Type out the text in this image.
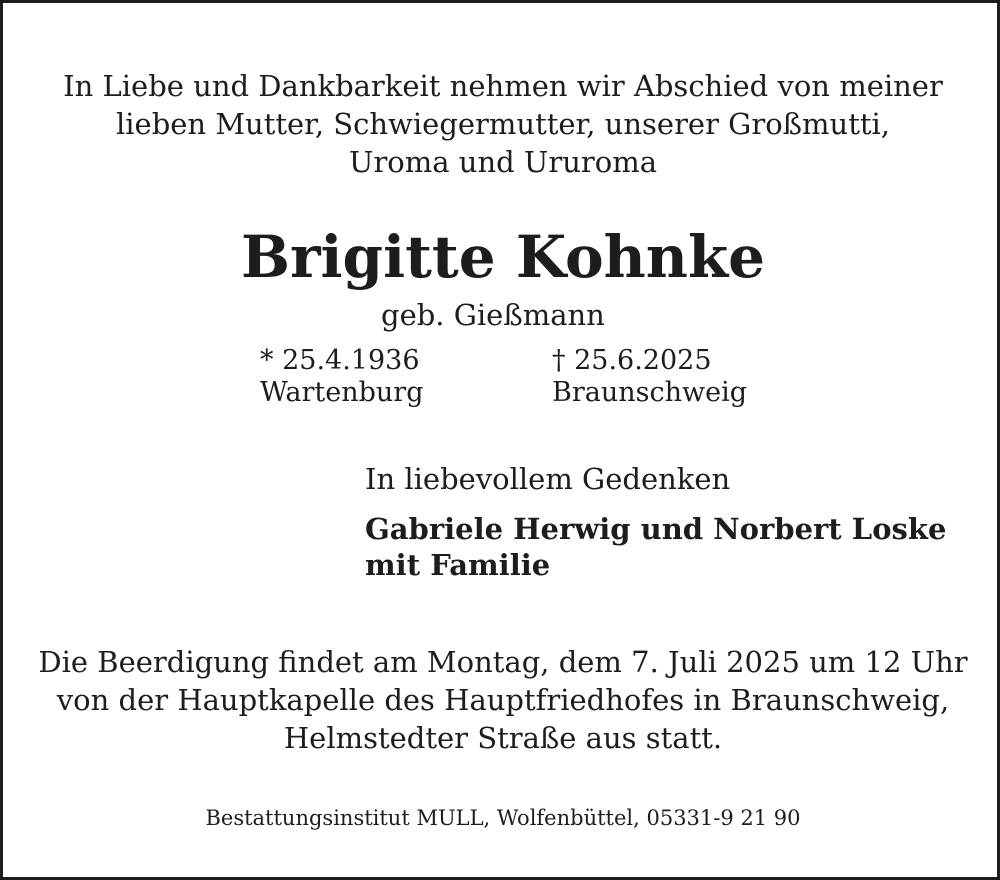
In Liebe und Dankbarkeit nehmen wir Abschied von meiner
lieben Mutter, Schwiegermutter, unserer Großmutti,
Uroma und Ururoma
Brigitte Kohnke
geb. Gießmann
* 25.4.1936
Wartenburg
† 25.6.2025
Braunschweig
In liebevollem Gedenken
Gabriele Herwig und Norbert Loske
mit Familie
Die Beerdigung findet am Montag, dem 7. Juli 2025 um 12 Uhr
von der Hauptkapelle des Hauptfriedhofes in Braunschweig,
Helmstedter Straße aus statt.
Bestattungsinstitut MULL, Wolfenbüttel, 05331-9 21 90
